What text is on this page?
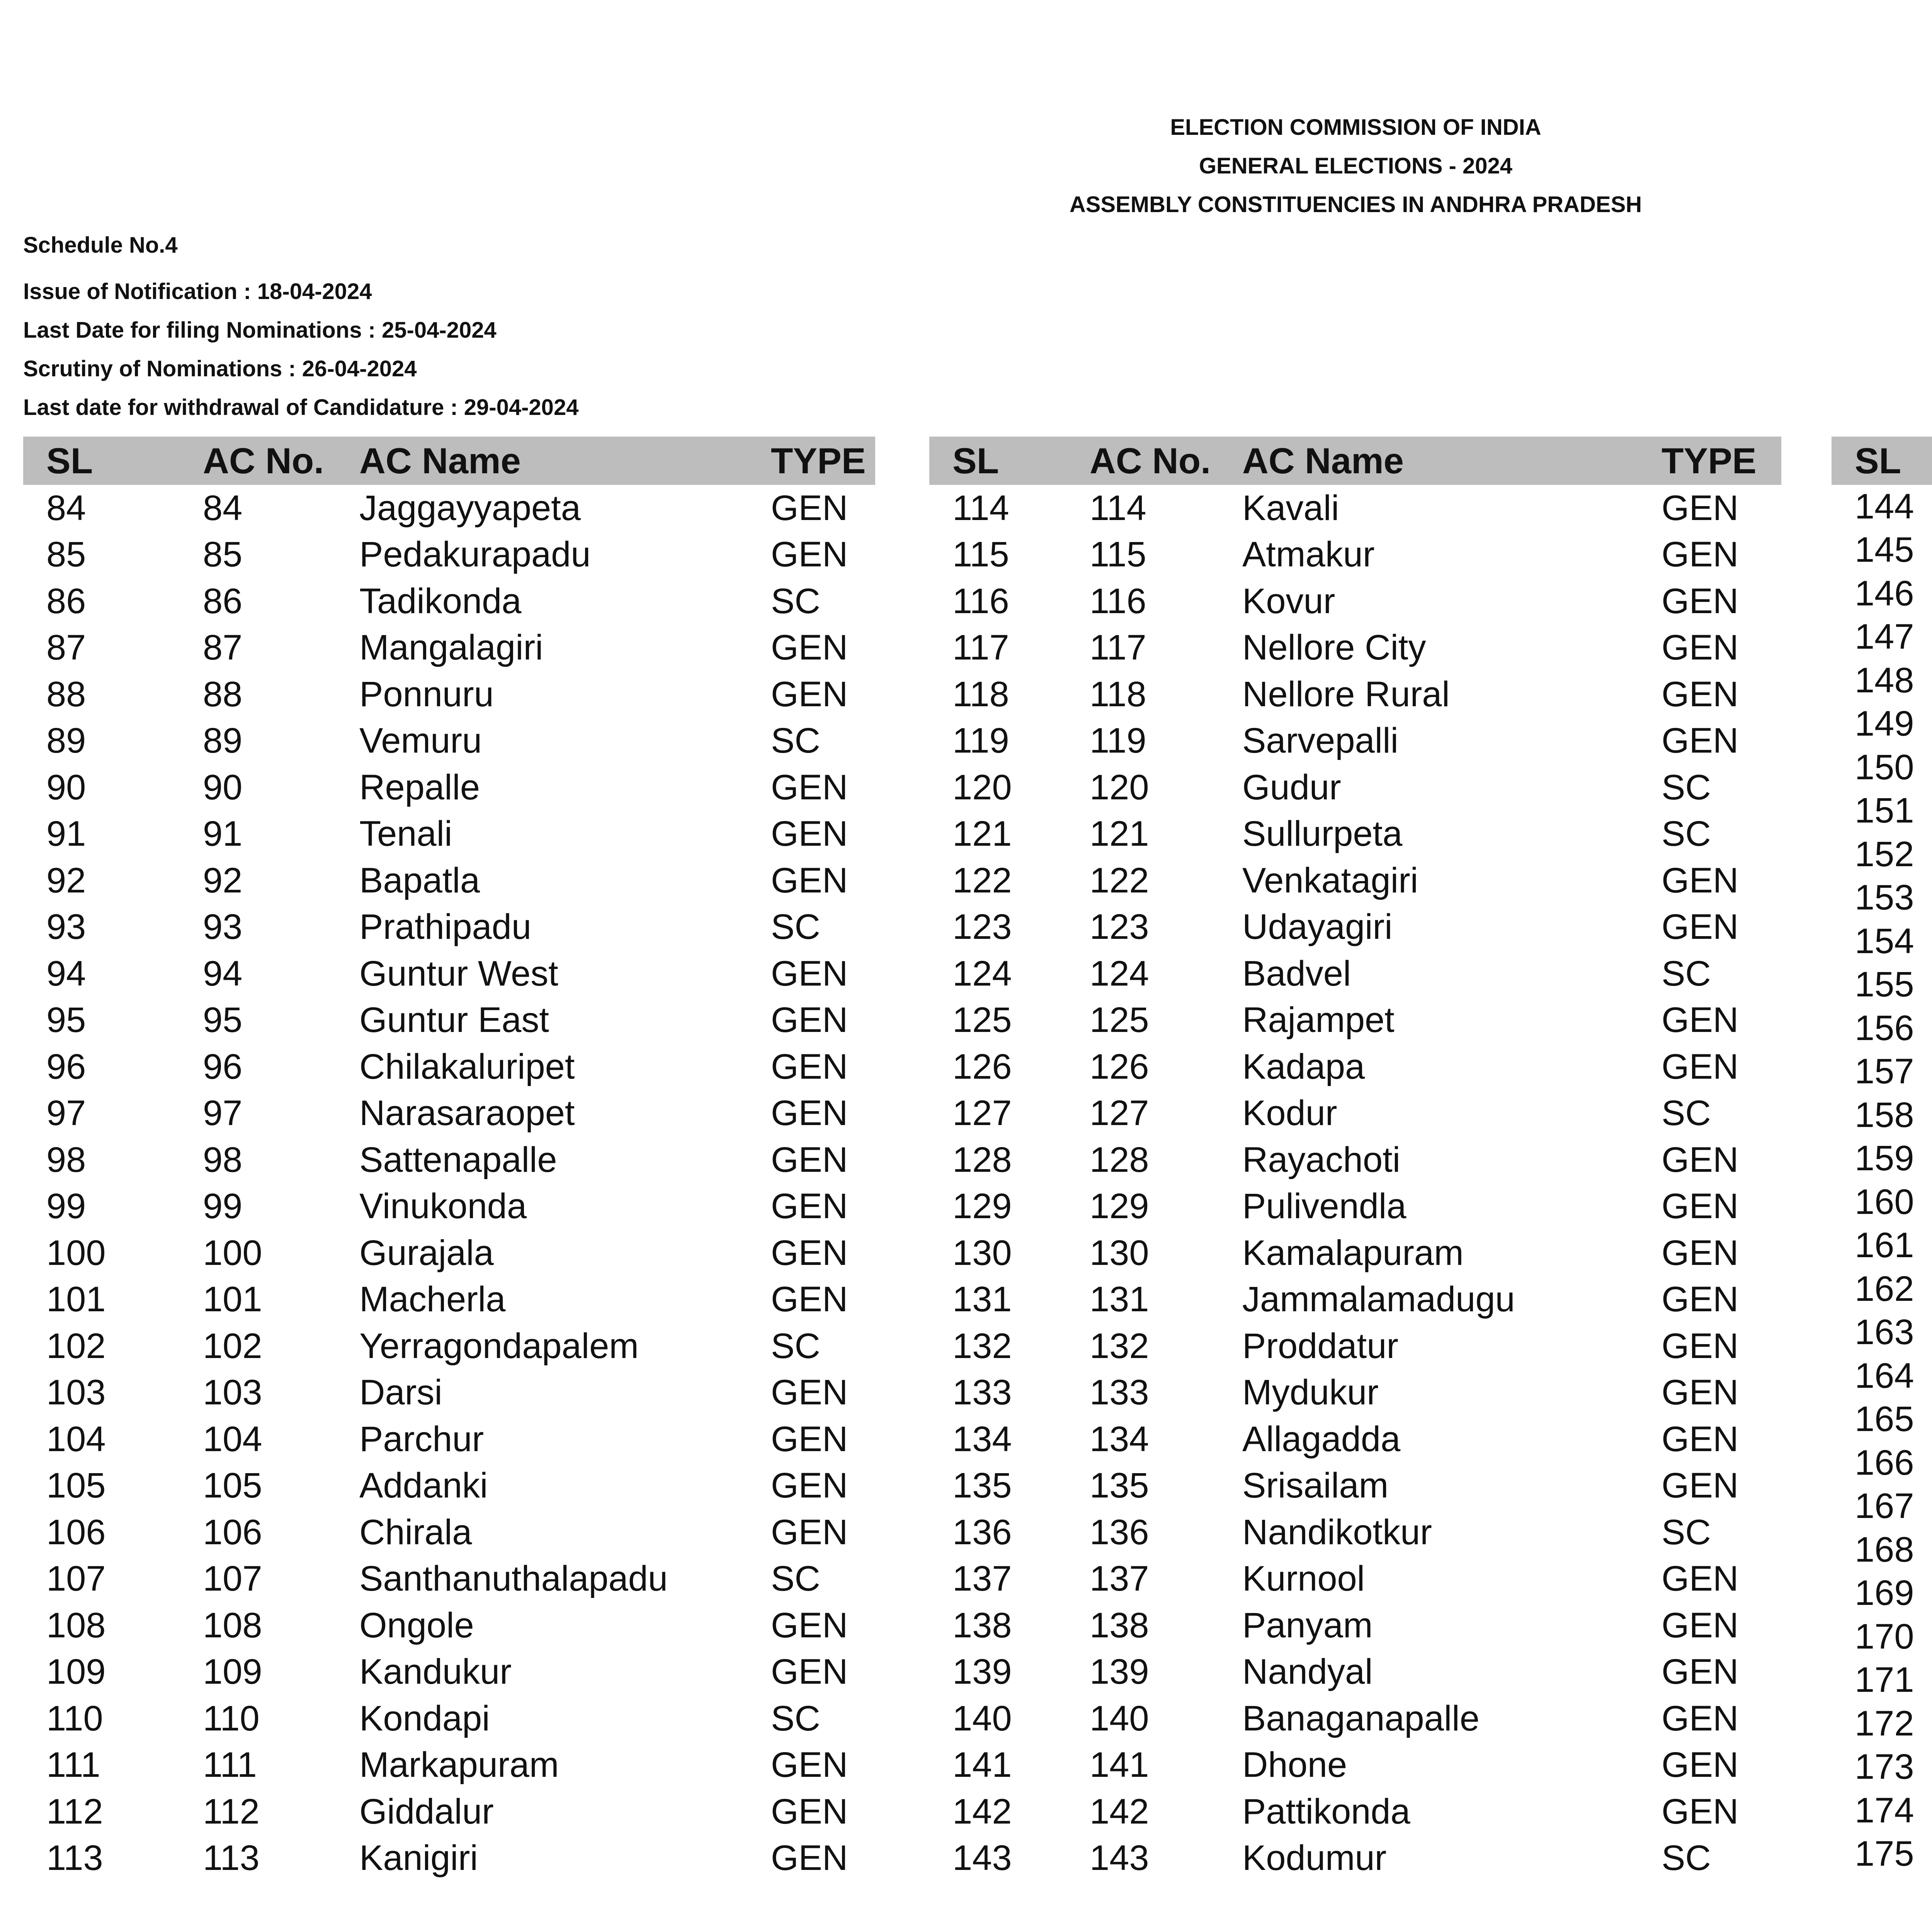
ELECTION COMMISSION OF INDIA
GENERAL ELECTIONS - 2024
ASSEMBLY CONSTITUENCIES IN ANDHRA PRADESH
Schedule No.4
Issue of Notification : 18-04-2024
Last Date for filing Nominations : 25-04-2024
Scrutiny of Nominations : 26-04-2024
Last date for withdrawal of Candidature : 29-04-2024
SL	AC No.	AC Name	TYPE
84	84	Jaggayyapeta	GEN
85	85	Pedakurapadu	GEN
86	86	Tadikonda	SC
87	87	Mangalagiri	GEN
88	88	Ponnuru	GEN
89	89	Vemuru	SC
90	90	Repalle	GEN
91	91	Tenali	GEN
92	92	Bapatla	GEN
93	93	Prathipadu	SC
94	94	Guntur West	GEN
95	95	Guntur East	GEN
96	96	Chilakaluripet	GEN
97	97	Narasaraopet	GEN
98	98	Sattenapalle	GEN
99	99	Vinukonda	GEN
100	100	Gurajala	GEN
101	101	Macherla	GEN
102	102	Yerragondapalem	SC
103	103	Darsi	GEN
104	104	Parchur	GEN
105	105	Addanki	GEN
106	106	Chirala	GEN
107	107	Santhanuthalapadu	SC
108	108	Ongole	GEN
109	109	Kandukur	GEN
110	110	Kondapi	SC
111	111	Markapuram	GEN
112	112	Giddalur	GEN
113	113	Kanigiri	GEN
SL	AC No.	AC Name	TYPE
114	114	Kavali	GEN
115	115	Atmakur	GEN
116	116	Kovur	GEN
117	117	Nellore City	GEN
118	118	Nellore Rural	GEN
119	119	Sarvepalli	GEN
120	120	Gudur	SC
121	121	Sullurpeta	SC
122	122	Venkatagiri	GEN
123	123	Udayagiri	GEN
124	124	Badvel	SC
125	125	Rajampet	GEN
126	126	Kadapa	GEN
127	127	Kodur	SC
128	128	Rayachoti	GEN
129	129	Pulivendla	GEN
130	130	Kamalapuram	GEN
131	131	Jammalamadugu	GEN
132	132	Proddatur	GEN
133	133	Mydukur	GEN
134	134	Allagadda	GEN
135	135	Srisailam	GEN
136	136	Nandikotkur	SC
137	137	Kurnool	GEN
138	138	Panyam	GEN
139	139	Nandyal	GEN
140	140	Banaganapalle	GEN
141	141	Dhone	GEN
142	142	Pattikonda	GEN
143	143	Kodumur	SC
SL			
144			
145			
146			
147			
148			
149			
150			
151			
152			
153			
154			
155			
156			
157			
158			
159			
160			
161			
162			
163			
164			
165			
166			
167			
168			
169			
170			
171			
172			
173			
174			
175			
